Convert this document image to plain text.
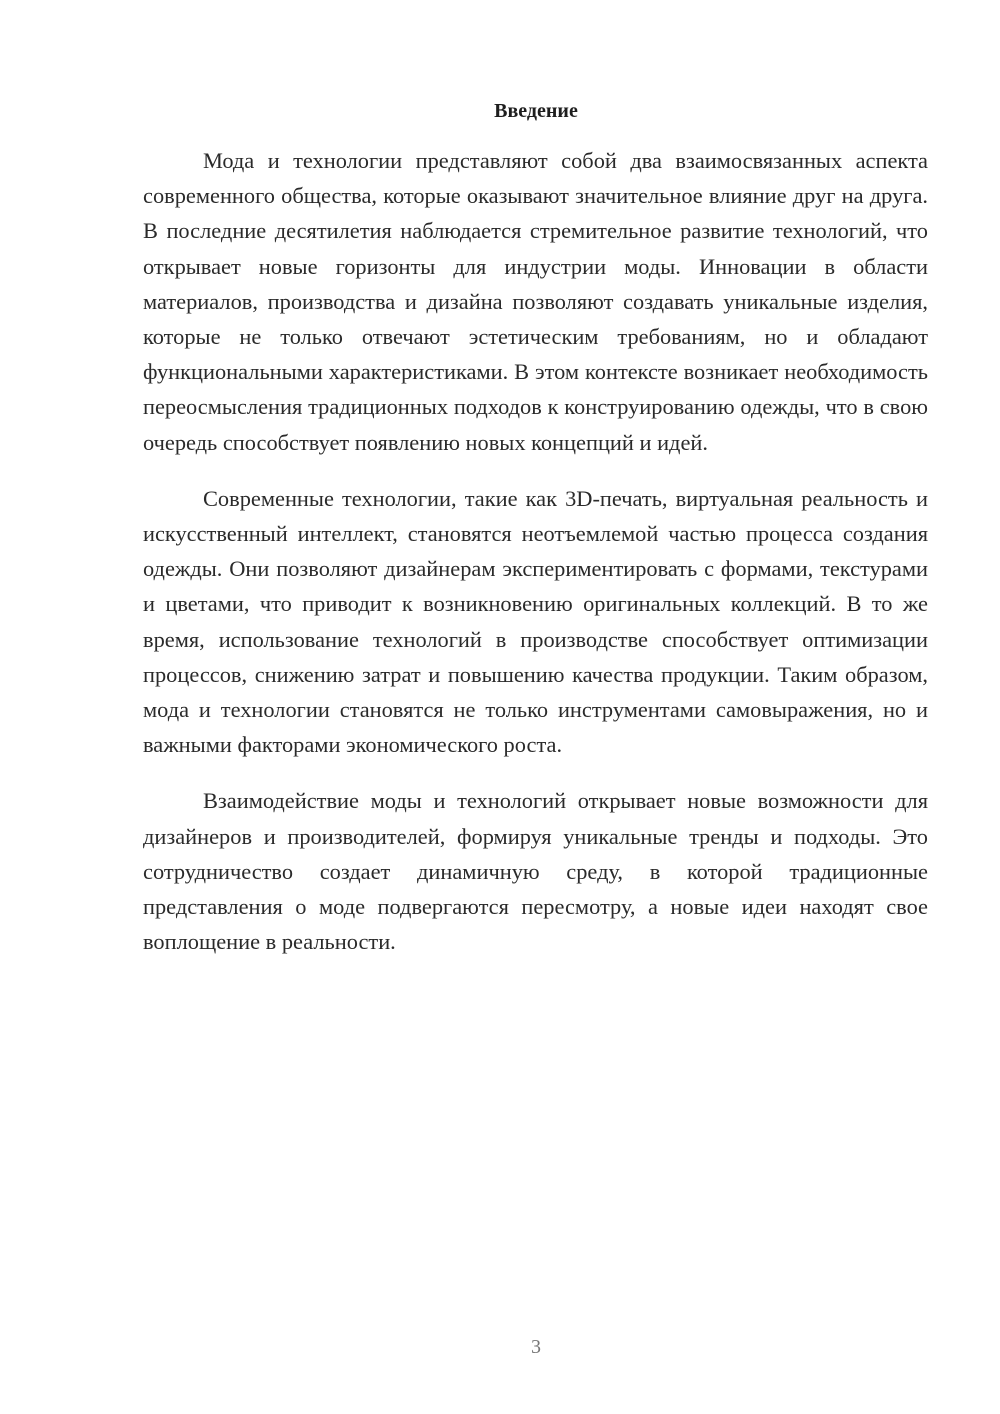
Введение

Мода и технологии представляют собой два взаимосвязанных аспекта современного общества, которые оказывают значительное влияние друг на друга. В последние десятилетия наблюдается стремительное развитие технологий, что открывает новые горизонты для индустрии моды. Инновации в области материалов, производства и дизайна позволяют создавать уникальные изделия, которые не только отвечают эстетическим требованиям, но и обладают функциональными характеристиками. В этом контексте возникает необходимость переосмысления традиционных подходов к конструированию одежды, что в свою очередь способствует появлению новых концепций и идей.

Современные технологии, такие как 3D-печать, виртуальная реальность и искусственный интеллект, становятся неотъемлемой частью процесса создания одежды. Они позволяют дизайнерам экспериментировать с формами, текстурами и цветами, что приводит к возникновению оригинальных коллекций. В то же время, использование технологий в производстве способствует оптимизации процессов, снижению затрат и повышению качества продукции. Таким образом, мода и технологии становятся не только инструментами самовыражения, но и важными факторами экономического роста.

Взаимодействие моды и технологий открывает новые возможности для дизайнеров и производителей, формируя уникальные тренды и подходы. Это сотрудничество создает динамичную среду, в которой традиционные представления о моде подвергаются пересмотру, а новые идеи находят свое воплощение в реальности.

3
